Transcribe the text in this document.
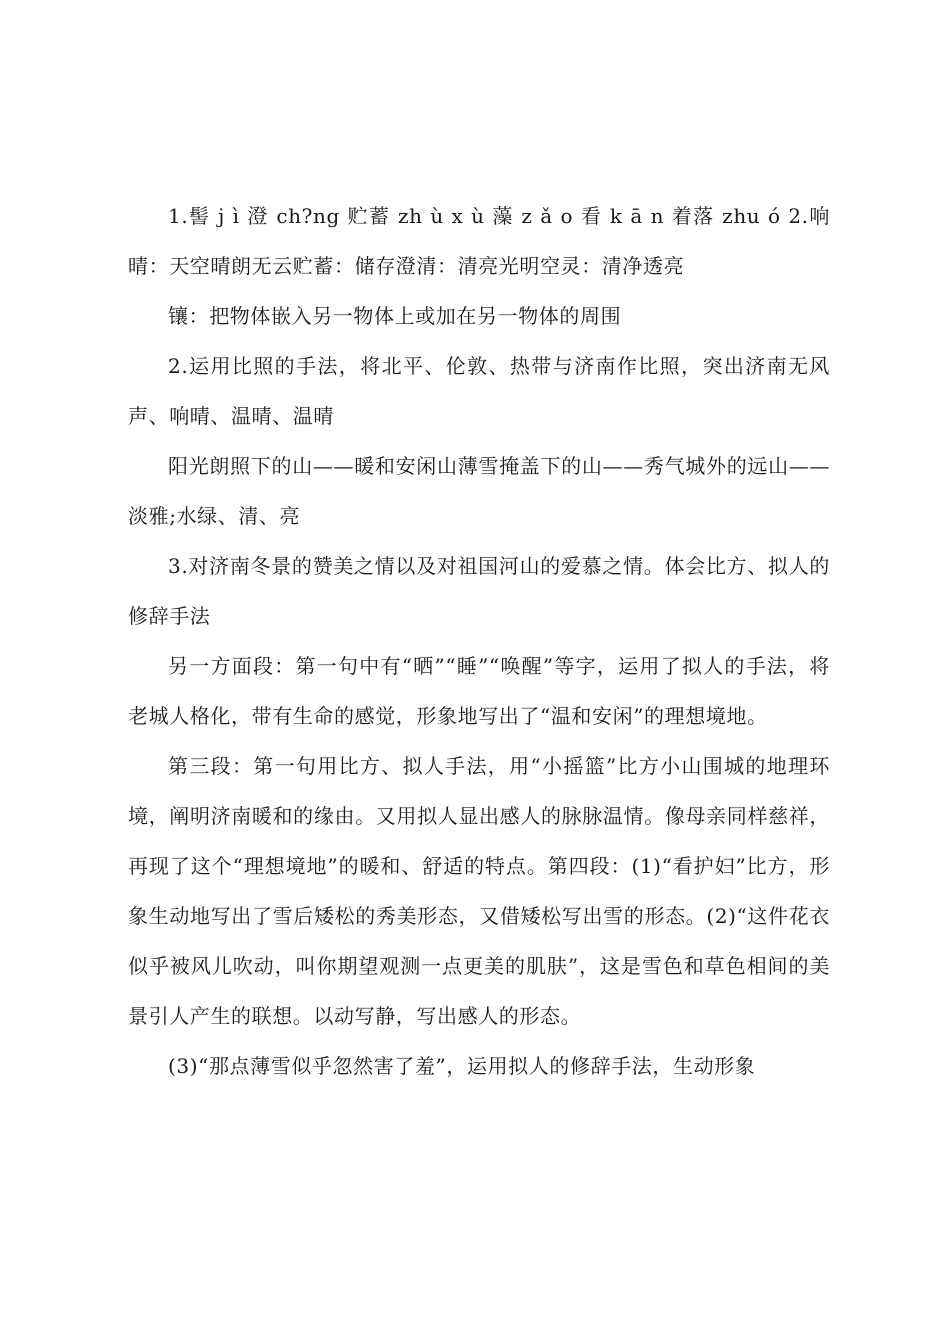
1.髻 j ì 澄 ch?ng 贮蓄 zh ù x ù 藻 z ǎ o 看 k ā n 着落 zhu ó 2.响晴：天空晴朗无云贮蓄：储存澄清：清亮光明空灵：清净透亮

镶：把物体嵌入另一物体上或加在另一物体的周围

2.运用比照的手法，将北平、伦敦、热带与济南作比照，突出济南无风声、响晴、温晴、温晴

阳光朗照下的山——暖和安闲山薄雪掩盖下的山——秀气城外的远山——淡雅;水绿、清、亮

3.对济南冬景的赞美之情以及对祖国河山的爱慕之情。体会比方、拟人的修辞手法

另一方面段：第一句中有“晒”“睡”“唤醒”等字，运用了拟人的手法，将老城人格化，带有生命的感觉，形象地写出了“温和安闲”的理想境地。

第三段：第一句用比方、拟人手法，用“小摇篮”比方小山围城的地理环境，阐明济南暖和的缘由。又用拟人显出感人的脉脉温情。像母亲同样慈祥，再现了这个“理想境地”的暖和、舒适的特点。第四段：(1)“看护妇”比方，形象生动地写出了雪后矮松的秀美形态，又借矮松写出雪的形态。(2)“这件花衣似乎被风儿吹动，叫你期望观测一点更美的肌肤”，这是雪色和草色相间的美景引人产生的联想。以动写静，写出感人的形态。

(3)“那点薄雪似乎忽然害了羞”，运用拟人的修辞手法，生动形象
